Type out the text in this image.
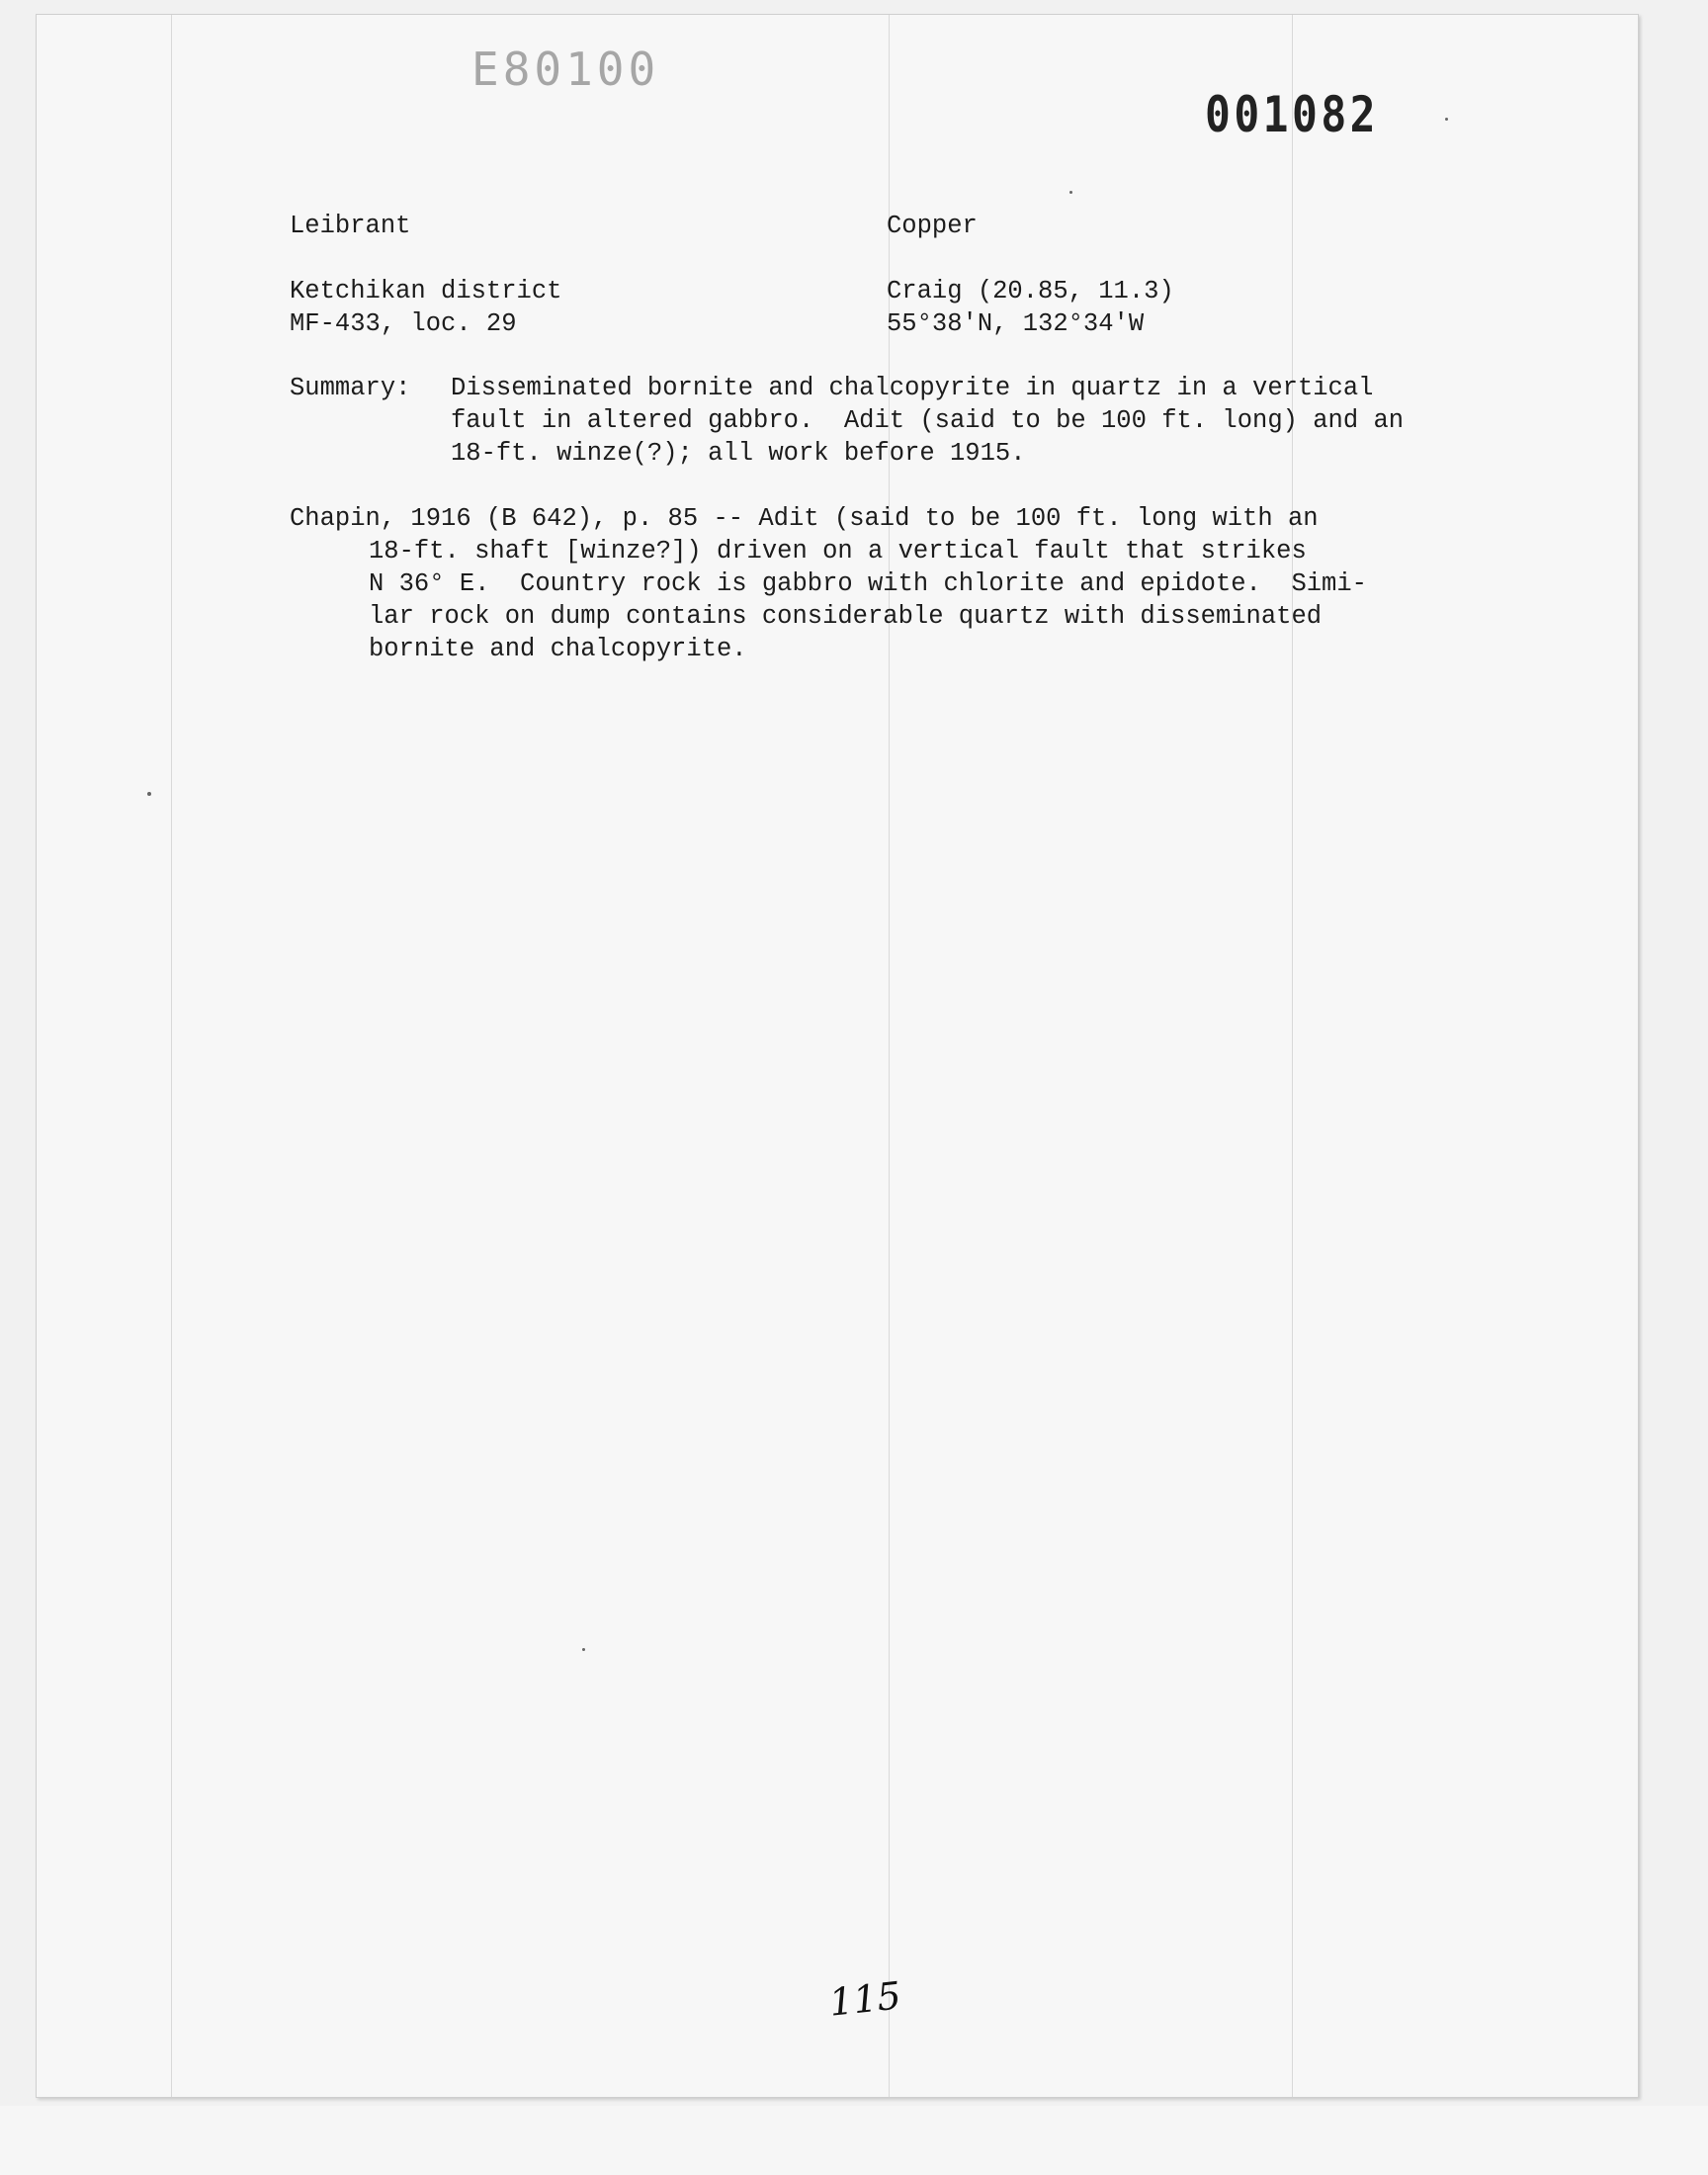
E80100
001082
Leibrant	Copper
Ketchikan district
MF-433, loc. 29
Craig (20.85, 11.3)
55°38'N, 132°34'W
Summary: Disseminated bornite and chalcopyrite in quartz in a vertical
fault in altered gabbro.  Adit (said to be 100 ft. long) and an
18-ft. winze(?); all work before 1915.
Chapin, 1916 (B 642), p. 85 -- Adit (said to be 100 ft. long with an
18-ft. shaft [winze?]) driven on a vertical fault that strikes
N 36° E.  Country rock is gabbro with chlorite and epidote.  Simi-
lar rock on dump contains considerable quartz with disseminated
bornite and chalcopyrite.
115
